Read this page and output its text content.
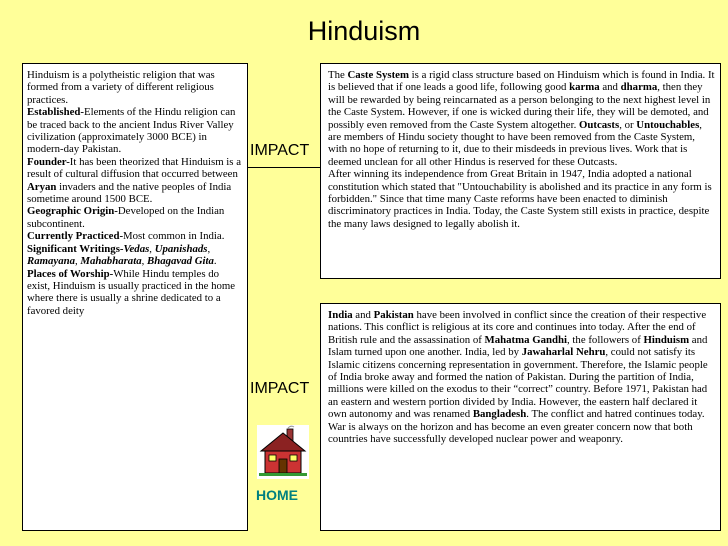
Hinduism

Hinduism is a polytheistic religion that was formed from a variety of different religious practices.

Established-Elements of the Hindu religion can be traced back to the ancient Indus River Valley civilization (approximately 3000 BCE) in modern-day Pakistan.

Founder-It has been theorized that Hinduism is a result of cultural diffusion that occurred between Aryan invaders and the native peoples of India sometime around 1500 BCE.

Geographic Origin-Developed on the Indian subcontinent.

Currently Practiced-Most common in India.

Significant Writings-Vedas, Upanishads, Ramayana, Mahabharata, Bhagavad Gita.

Places of Worship-While Hindu temples do exist, Hinduism is usually practiced in the home where there is usually a shrine dedicated to a favored deity

IMPACT
IMPACT

The Caste System is a rigid class structure based on Hinduism which is found in India. It is believed that if one leads a good life, following good karma and dharma, then they will be rewarded by being reincarnated as a person belonging to the next highest level in the Caste System. However, if one is wicked during their life, they will be demoted, and possibly even removed from the Caste System altogether. Outcasts, or Untouchables, are members of Hindu society thought to have been removed from the Caste System, with no hope of returning to it, due to their misdeeds in previous lives. Work that is deemed unclean for all other Hindus is reserved for these Outcasts.

After winning its independence from Great Britain in 1947, India adopted a national constitution which stated that "Untouchability is abolished and its practice in any form is forbidden." Since that time many Caste reforms have been enacted to diminish discriminatory practices in India. Today, the Caste System still exists in practice, despite the many laws designed to legally abolish it.

India and Pakistan have been involved in conflict since the creation of their respective nations. This conflict is religious at its core and continues into today. After the end of British rule and the assassination of Mahatma Gandhi, the followers of Hinduism and Islam turned upon one another. India, led by Jawaharlal Nehru, could not satisfy its Islamic citizens concerning representation in government. Therefore, the Islamic people of India broke away and formed the nation of Pakistan. During the partition of India, millions were killed on the exodus to their “correct” country. Before 1971, Pakistan had an eastern and western portion divided by India. However, the eastern half declared it own autonomy and was renamed Bangladesh. The conflict and hatred continues today. War is always on the horizon and has become an even greater concern now that both countries have successfully developed nuclear power and weaponry.

HOME
